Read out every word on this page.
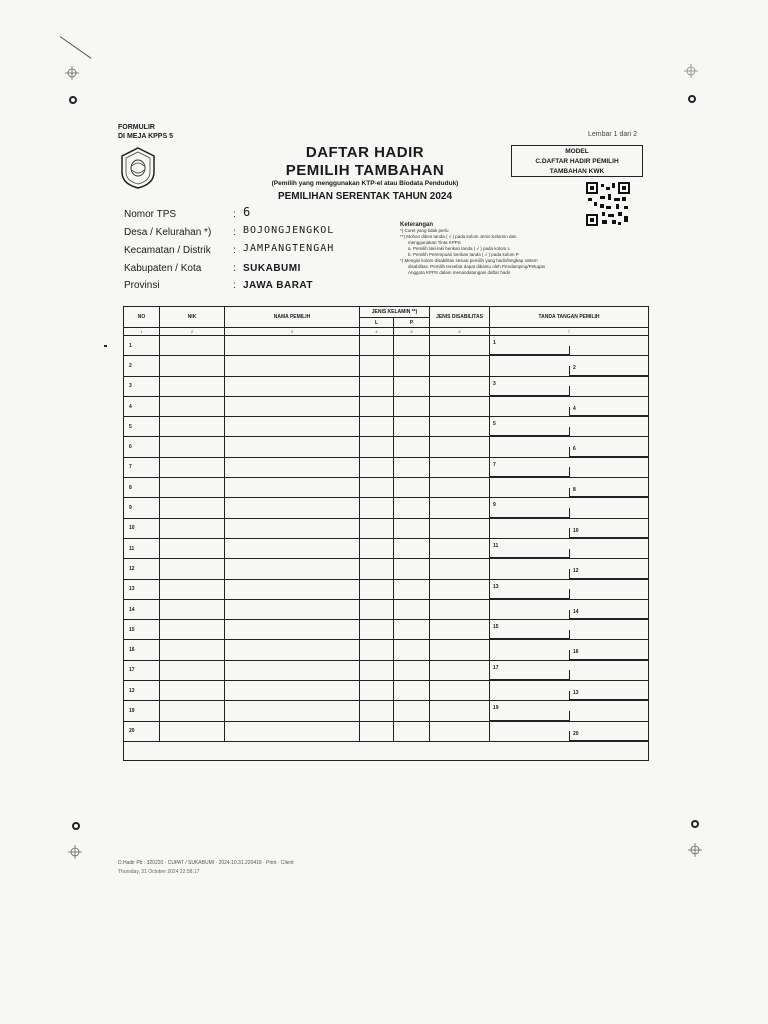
FORMULIR
DI MEJA KPPS 5	Lembar 1 dari 2
DAFTAR HADIR
PEMILIH TAMBAHAN
(Pemilih yang menggunakan KTP-el atau Biodata Penduduk)
PEMILIHAN SERENTAK TAHUN 2024
MODEL
C.DAFTAR HADIR PEMILIH
TAMBAHAN KWK
Nomor TPS	: 6
Desa / Kelurahan *) : BOJONGJENGKOL
Kecamatan / Distrik : JAMPANGTENGAH
Kabupaten / Kota	: SUKABUMI
Provinsi	: JAWA BARAT
Keterangan
*) Coret yang tidak perlu
**) Mohon diberi tanda ( √ ) pada kolom Jenis Kelamin dan
menggunakan Tinta KPPS
a. Pemilih laki-laki berikan tanda ( √ ) pada kolom L
b. Pemilih Perempuan berikan tanda ( √ ) pada kolom P
*) Mengisi kolom disabilitas sesuai pemilih yang hadir/lengkap sistem
disabilitas. Pemilih tersebut dapat dibantu oleh Pendamping/Petugas
Anggota KPPS dalam menandatangani daftar hadir
NO	NIK	NAMA PEMILIH	JENIS KELAMIN **)		JENIS DISABILITAS	TANDA TANGAN PEMILIH
			L	P		
1	2	3	4	5	6	7
1						1

2						2

3						3

4						4

5						5

6						6

7						7

8						8

9						9

10						10

11						11

12						12

13						13

14						14

15						15

16						16

17						17

13						13

19						19

20						20

D.Hadir Pb : 320220 · CUPAT / SUKABUMI · 2024.10.31.220418 · Print · Client
Thursday, 31 October 2024 22:58:17
